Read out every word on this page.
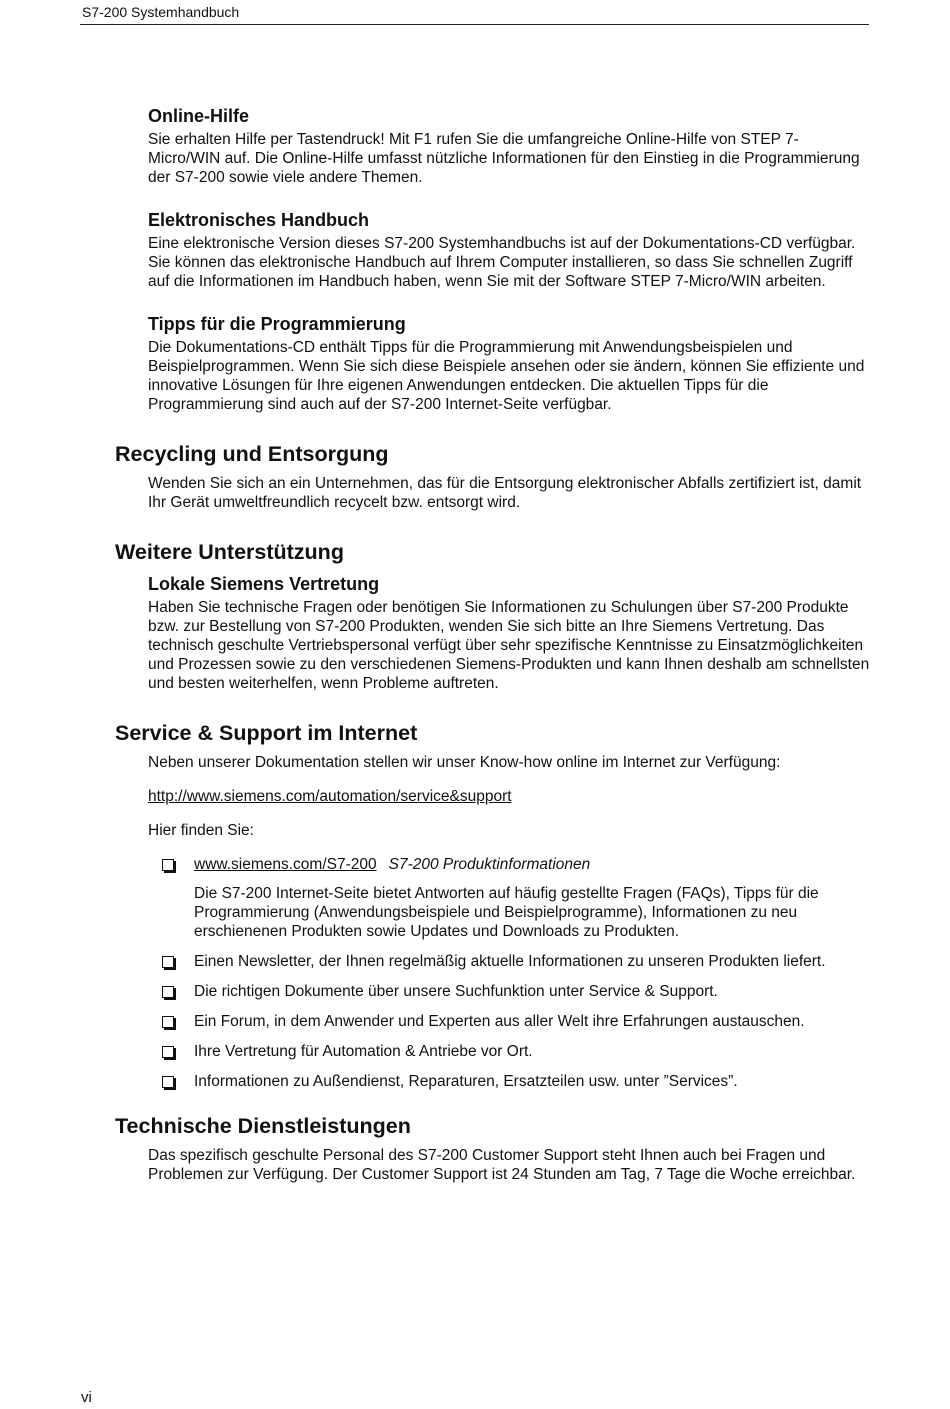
S7-200 Systemhandbuch
Online-Hilfe

Sie erhalten Hilfe per Tastendruck! Mit F1 rufen Sie die umfangreiche Online-Hilfe von STEP 7-Micro/WIN auf. Die Online-Hilfe umfasst nützliche Informationen für den Einstieg in die Programmierung der S7-200 sowie viele andere Themen.

Elektronisches Handbuch

Eine elektronische Version dieses S7-200 Systemhandbuchs ist auf der Dokumentations-CD verfügbar. Sie können das elektronische Handbuch auf Ihrem Computer installieren, so dass Sie schnellen Zugriff auf die Informationen im Handbuch haben, wenn Sie mit der Software STEP 7-Micro/WIN arbeiten.

Tipps für die Programmierung

Die Dokumentations-CD enthält Tipps für die Programmierung mit Anwendungsbeispielen und Beispielprogrammen. Wenn Sie sich diese Beispiele ansehen oder sie ändern, können Sie effiziente und innovative Lösungen für Ihre eigenen Anwendungen entdecken. Die aktuellen Tipps für die Programmierung sind auch auf der S7-200 Internet-Seite verfügbar.

Recycling und Entsorgung

Wenden Sie sich an ein Unternehmen, das für die Entsorgung elektronischer Abfalls zertifiziert ist, damit Ihr Gerät umweltfreundlich recycelt bzw. entsorgt wird.

Weitere Unterstützung
Lokale Siemens Vertretung

Haben Sie technische Fragen oder benötigen Sie Informationen zu Schulungen über S7-200 Produkte bzw. zur Bestellung von S7-200 Produkten, wenden Sie sich bitte an Ihre Siemens Vertretung. Das technisch geschulte Vertriebspersonal verfügt über sehr spezifische Kenntnisse zu Einsatzmöglichkeiten und Prozessen sowie zu den verschiedenen Siemens-Produkten und kann Ihnen deshalb am schnellsten und besten weiterhelfen, wenn Probleme auftreten.

Service & Support im Internet

Neben unserer Dokumentation stellen wir unser Know-how online im Internet zur Verfügung:

http://www.siemens.com/automation/service&support

Hier finden Sie:

www.siemens.com/S7-200 S7-200 Produktinformationen

Die S7-200 Internet-Seite bietet Antworten auf häufig gestellte Fragen (FAQs), Tipps für die Programmierung (Anwendungsbeispiele und Beispielprogramme), Informationen zu neu erschienenen Produkten sowie Updates und Downloads zu Produkten.

Einen Newsletter, der Ihnen regelmäßig aktuelle Informationen zu unseren Produkten liefert.
Die richtigen Dokumente über unsere Suchfunktion unter Service & Support.
Ein Forum, in dem Anwender und Experten aus aller Welt ihre Erfahrungen austauschen.
Ihre Vertretung für Automation & Antriebe vor Ort.
Informationen zu Außendienst, Reparaturen, Ersatzteilen usw. unter ”Services”.
Technische Dienstleistungen

Das spezifisch geschulte Personal des S7-200 Customer Support steht Ihnen auch bei Fragen und Problemen zur Verfügung. Der Customer Support ist 24 Stunden am Tag, 7 Tage die Woche erreichbar.

vi
